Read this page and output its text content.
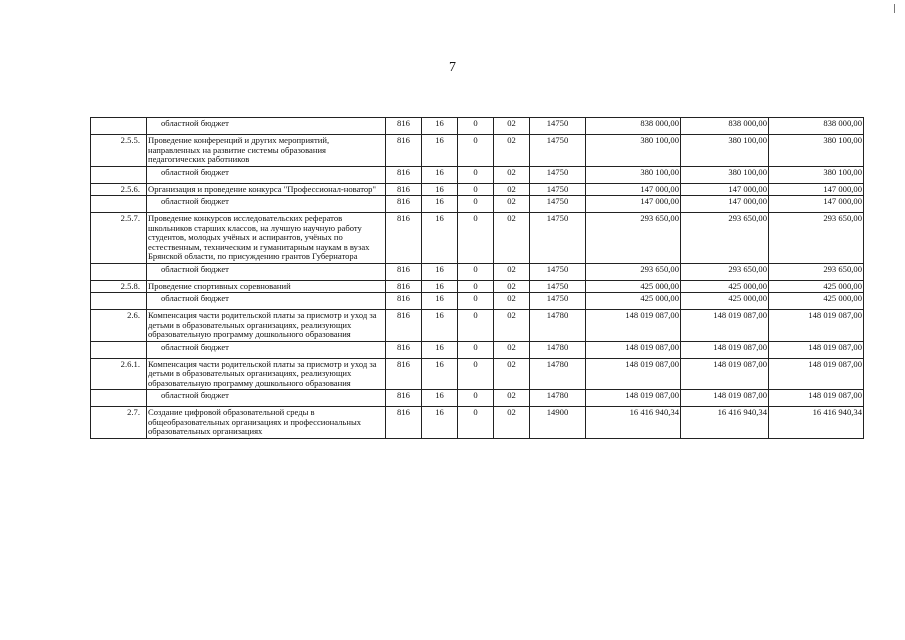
7
	областной бюджет	816	16	0	02	14750	838 000,00	838 000,00	838 000,00
2.5.5.	Проведение конференций и других мероприятий, направленных на развитие системы образования педагогических работников	816	16	0	02	14750	380 100,00	380 100,00	380 100,00
	областной бюджет	816	16	0	02	14750	380 100,00	380 100,00	380 100,00
2.5.6.	Организация и проведение конкурса "Профессионал-новатор"	816	16	0	02	14750	147 000,00	147 000,00	147 000,00
	областной бюджет	816	16	0	02	14750	147 000,00	147 000,00	147 000,00
2.5.7.	Проведение конкурсов исследовательских рефератов школьников старших классов, на лучшую научную работу студентов, молодых учёных и аспирантов, учёных по естественным, техническим и гуманитарным наукам в вузах Брянской области, по присуждению грантов Губернатора	816	16	0	02	14750	293 650,00	293 650,00	293 650,00
	областной бюджет	816	16	0	02	14750	293 650,00	293 650,00	293 650,00
2.5.8.	Проведение спортивных соревнований	816	16	0	02	14750	425 000,00	425 000,00	425 000,00
	областной бюджет	816	16	0	02	14750	425 000,00	425 000,00	425 000,00
2.6.	Компенсация части родительской платы за присмотр и уход за детьми в образовательных организациях, реализующих образовательную программу дошкольного образования	816	16	0	02	14780	148 019 087,00	148 019 087,00	148 019 087,00
	областной бюджет	816	16	0	02	14780	148 019 087,00	148 019 087,00	148 019 087,00
2.6.1.	Компенсация части родительской платы за присмотр и уход за детьми в образовательных организациях, реализующих образовательную программу дошкольного образования	816	16	0	02	14780	148 019 087,00	148 019 087,00	148 019 087,00
	областной бюджет	816	16	0	02	14780	148 019 087,00	148 019 087,00	148 019 087,00
2.7.	Создание цифровой образовательной среды в общеобразовательных организациях и профессиональных образовательных организациях	816	16	0	02	14900	16 416 940,34	16 416 940,34	16 416 940,34
